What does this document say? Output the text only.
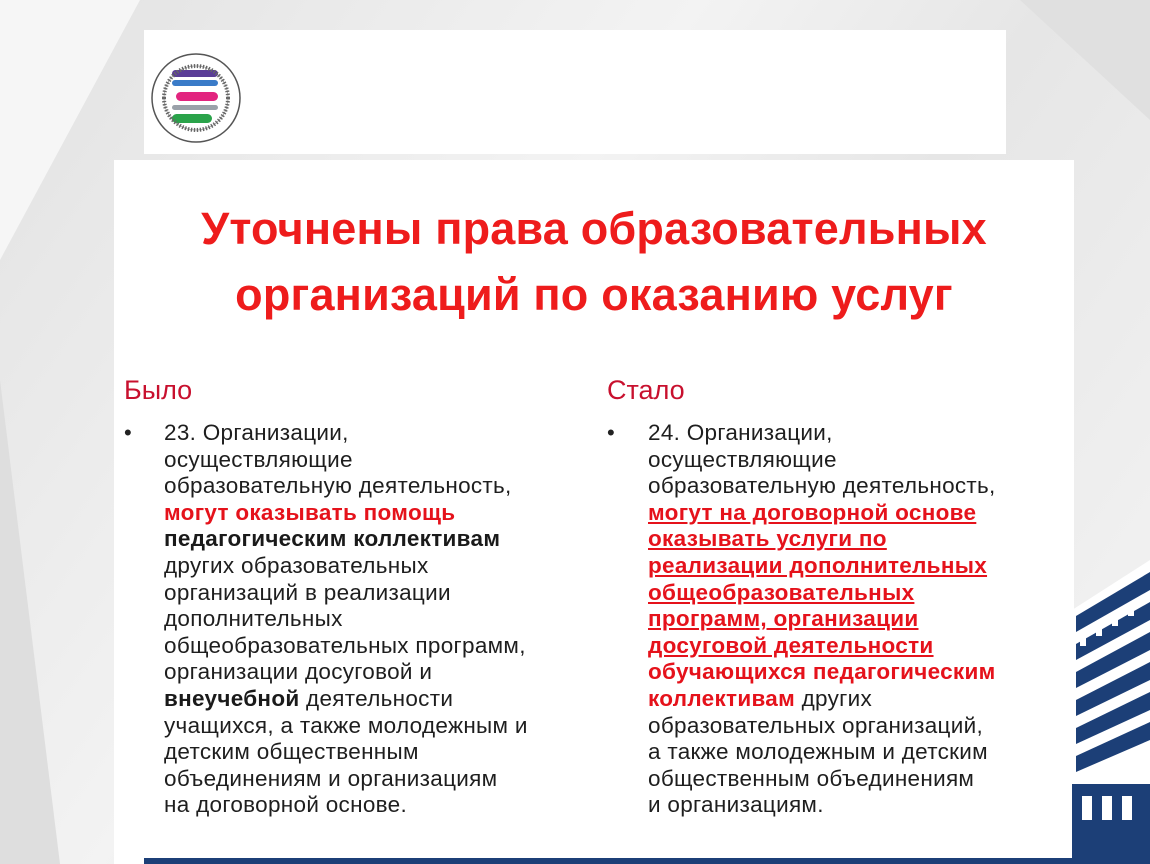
Уточнены права образовательных организаций по оказанию услуг
Было	Стало
•	•
23. Организации,
осуществляющие
образовательную деятельность,
могут оказывать помощь
педагогическим коллективам
других образовательных
организаций в реализации
дополнительных
общеобразовательных программ,
организации досуговой и
внеучебной деятельности
учащихся, а также молодежным и
детским общественным
объединениям и организациям
на договорной основе.
24. Организации,
осуществляющие
образовательную деятельность,
могут на договорной основе
оказывать услуги по
реализации дополнительных
общеобразовательных
программ, организации
досуговой деятельности
обучающихся педагогическим
коллективам других
образовательных организаций,
а также молодежным и детским
общественным объединениям
и организациям.
